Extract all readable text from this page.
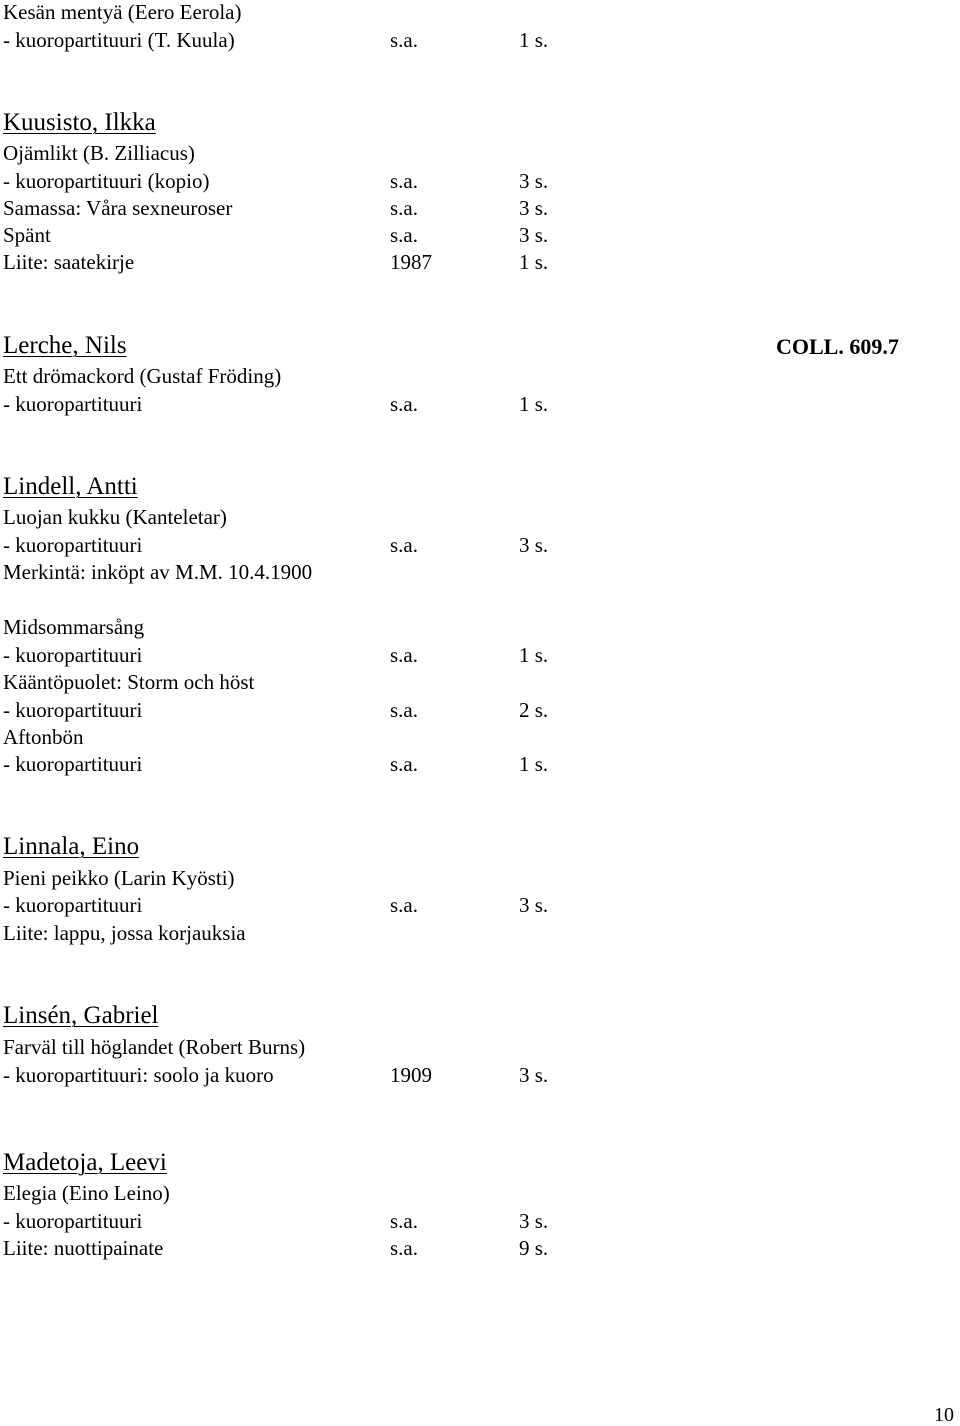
Kesän mentyä (Eero Eerola)
- kuoropartituuri (T. Kuula)	s.a.	1 s.
Kuusisto, Ilkka
Ojämlikt (B. Zilliacus)
- kuoropartituuri (kopio)	s.a.	3 s.
Samassa: Våra sexneuroser	s.a.	3 s.
Spänt	s.a.	3 s.
Liite: saatekirje	1987	1 s.
Lerche, Nils	COLL. 609.7
Ett drömackord (Gustaf Fröding)
- kuoropartituuri	s.a.	1 s.
Lindell, Antti
Luojan kukku (Kanteletar)
- kuoropartituuri	s.a.	3 s.
Merkintä: inköpt av M.M. 10.4.1900
Midsommarsång
- kuoropartituuri	s.a.	1 s.
Kääntöpuolet: Storm och höst
- kuoropartituuri	s.a.	2 s.
Aftonbön
- kuoropartituuri	s.a.	1 s.
Linnala, Eino
Pieni peikko (Larin Kyösti)
- kuoropartituuri	s.a.	3 s.
Liite: lappu, jossa korjauksia
Linsén, Gabriel
Farväl till höglandet (Robert Burns)
- kuoropartituuri: soolo ja kuoro	1909	3 s.
Madetoja, Leevi
Elegia (Eino Leino)
- kuoropartituuri	s.a.	3 s.
Liite: nuottipainate	s.a.	9 s.
10
